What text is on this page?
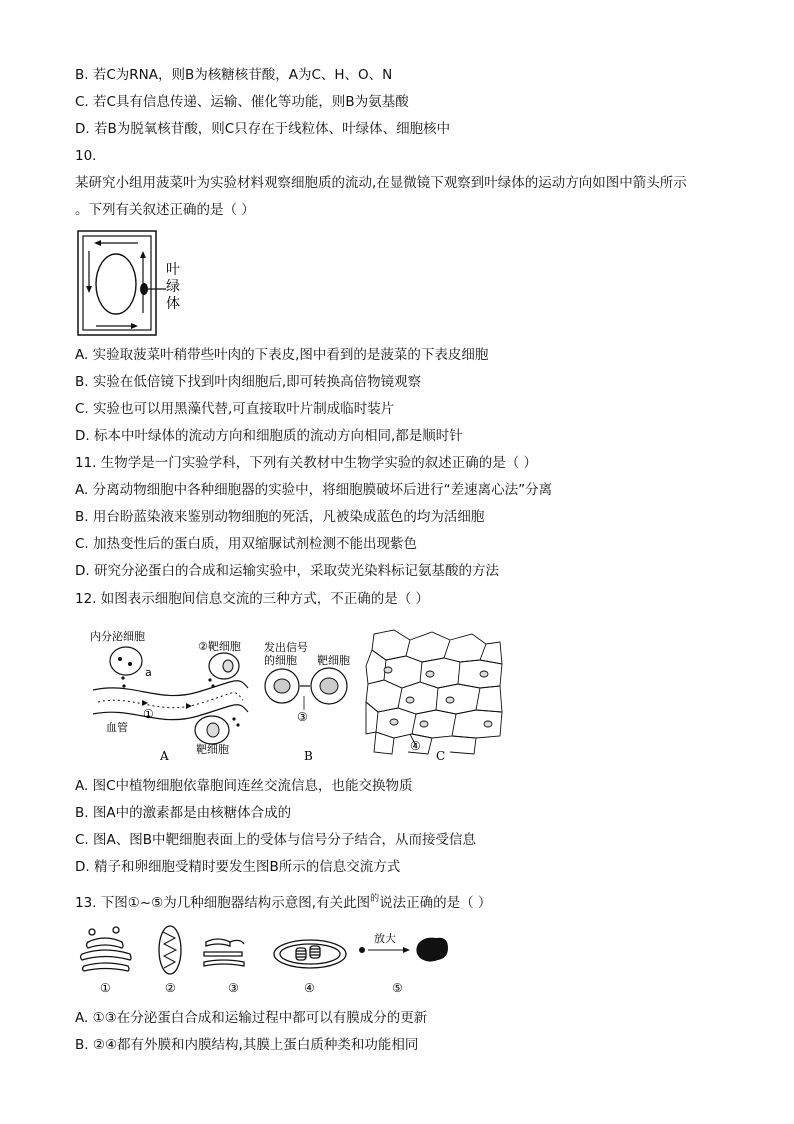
B. 若C为RNA，则B为核糖核苷酸，A为C、H、O、N
C. 若C具有信息传递、运输、催化等功能，则B为氨基酸
D. 若B为脱氧核苷酸，则C只存在于线粒体、叶绿体、细胞核中
10.
某研究小组用菠菜叶为实验材料观察细胞质的流动,在显微镜下观察到叶绿体的运动方向如图中箭头所示
。下列有关叙述正确的是（ ）
叶
绿
体
A. 实验取菠菜叶稍带些叶肉的下表皮,图中看到的是菠菜的下表皮细胞
B. 实验在低倍镜下找到叶肉细胞后,即可转换高倍物镜观察
C. 实验也可以用黑藻代替,可直接取叶片制成临时装片
D. 标本中叶绿体的流动方向和细胞质的流动方向相同,都是顺时针
11. 生物学是一门实验学科，下列有关教材中生物学实验的叙述正确的是（ ）
A. 分离动物细胞中各种细胞器的实验中，将细胞膜破坏后进行“差速离心法”分离
B. 用台盼蓝染液来鉴别动物细胞的死活，凡被染成蓝色的均为活细胞
C. 加热变性后的蛋白质，用双缩脲试剂检测不能出现紫色
D. 研究分泌蛋白的合成和运输实验中，采取荧光染料标记氨基酸的方法
12. 如图表示细胞间信息交流的三种方式，不正确的是（ ）
内分泌细胞
a
②靶细胞
①
血管
靶细胞
A
发出信号
的细胞 靶细胞
③
B
④
C
A. 图C中植物细胞依靠胞间连丝交流信息，也能交换物质
B. 图A中的激素都是由核糖体合成的
C. 图A、图B中靶细胞表面上的受体与信号分子结合，从而接受信息
D. 精子和卵细胞受精时要发生图B所示的信息交流方式
13. 下图①~⑤为几种细胞器结构示意图,有关此图$^的$说法正确的是（ ）
放大
①	②	③	④	⑤
A. ①③在分泌蛋白合成和运输过程中都可以有膜成分的更新
B. ②④都有外膜和内膜结构,其膜上蛋白质种类和功能相同
